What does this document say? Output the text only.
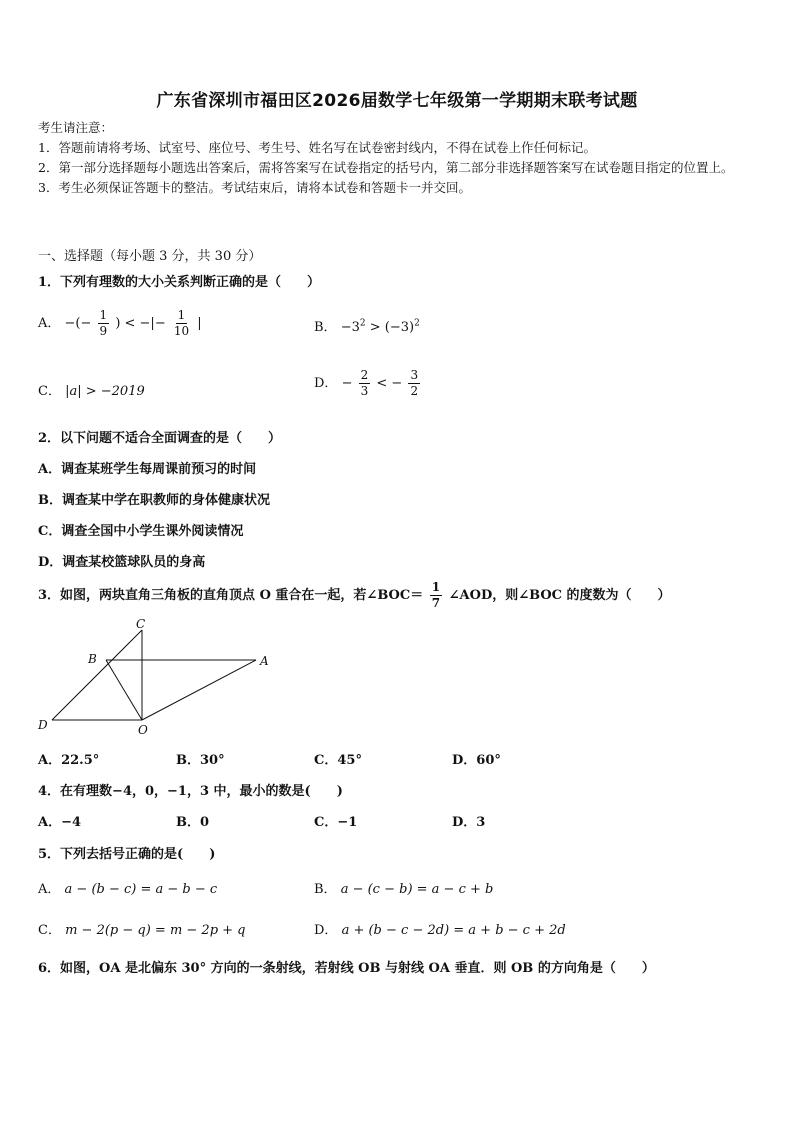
广东省深圳市福田区2026届数学七年级第一学期期末联考试题

考生请注意：

1．答题前请将考场、试室号、座位号、考生号、姓名写在试卷密封线内，不得在试卷上作任何标记。

2．第一部分选择题每小题选出答案后，需将答案写在试卷指定的括号内，第二部分非选择题答案写在试卷题目指定的位置上。

3．考生必须保证答题卡的整洁。考试结束后，请将本试卷和答题卡一并交回。

一、选择题（每小题 3 分，共 30 分）
1．下列有理数的大小关系判断正确的是（　　）
A． −(− $\frac{1}{9}$ ) < −|− $\frac{1}{10}$ |	B． $-3^2 > (-3)^2$
C． |a| > −2019
D． − $\frac{2}{3}$ < − $\frac{3}{2}$
2．以下问题不适合全面调查的是（　　）
A．调查某班学生每周课前预习的时间
B．调查某中学在职教师的身体健康状况
C．调查全国中小学生课外阅读情况
D．调查某校篮球队员的身高
3．如图，两块直角三角板的直角顶点 O 重合在一起，若∠BOC＝ $\frac{1}{7}$ ∠AOD，则∠BOC 的度数为（　　）
C
B	A
D	O
A．22.5°	B．30°	C．45°	D．60°
4．在有理数−4，0，−1，3 中，最小的数是(　　)
A．−4	B．0	C．−1	D．3
5．下列去括号正确的是(　　)
A． a − (b − c) = a − b − c	B． a − (c − b) = a − c + b
C． m − 2(p − q) = m − 2p + q	D． a + (b − c − 2d) = a + b − c + 2d
6．如图，OA 是北偏东 30° 方向的一条射线，若射线 OB 与射线 OA 垂直．则 OB 的方向角是（　　）
